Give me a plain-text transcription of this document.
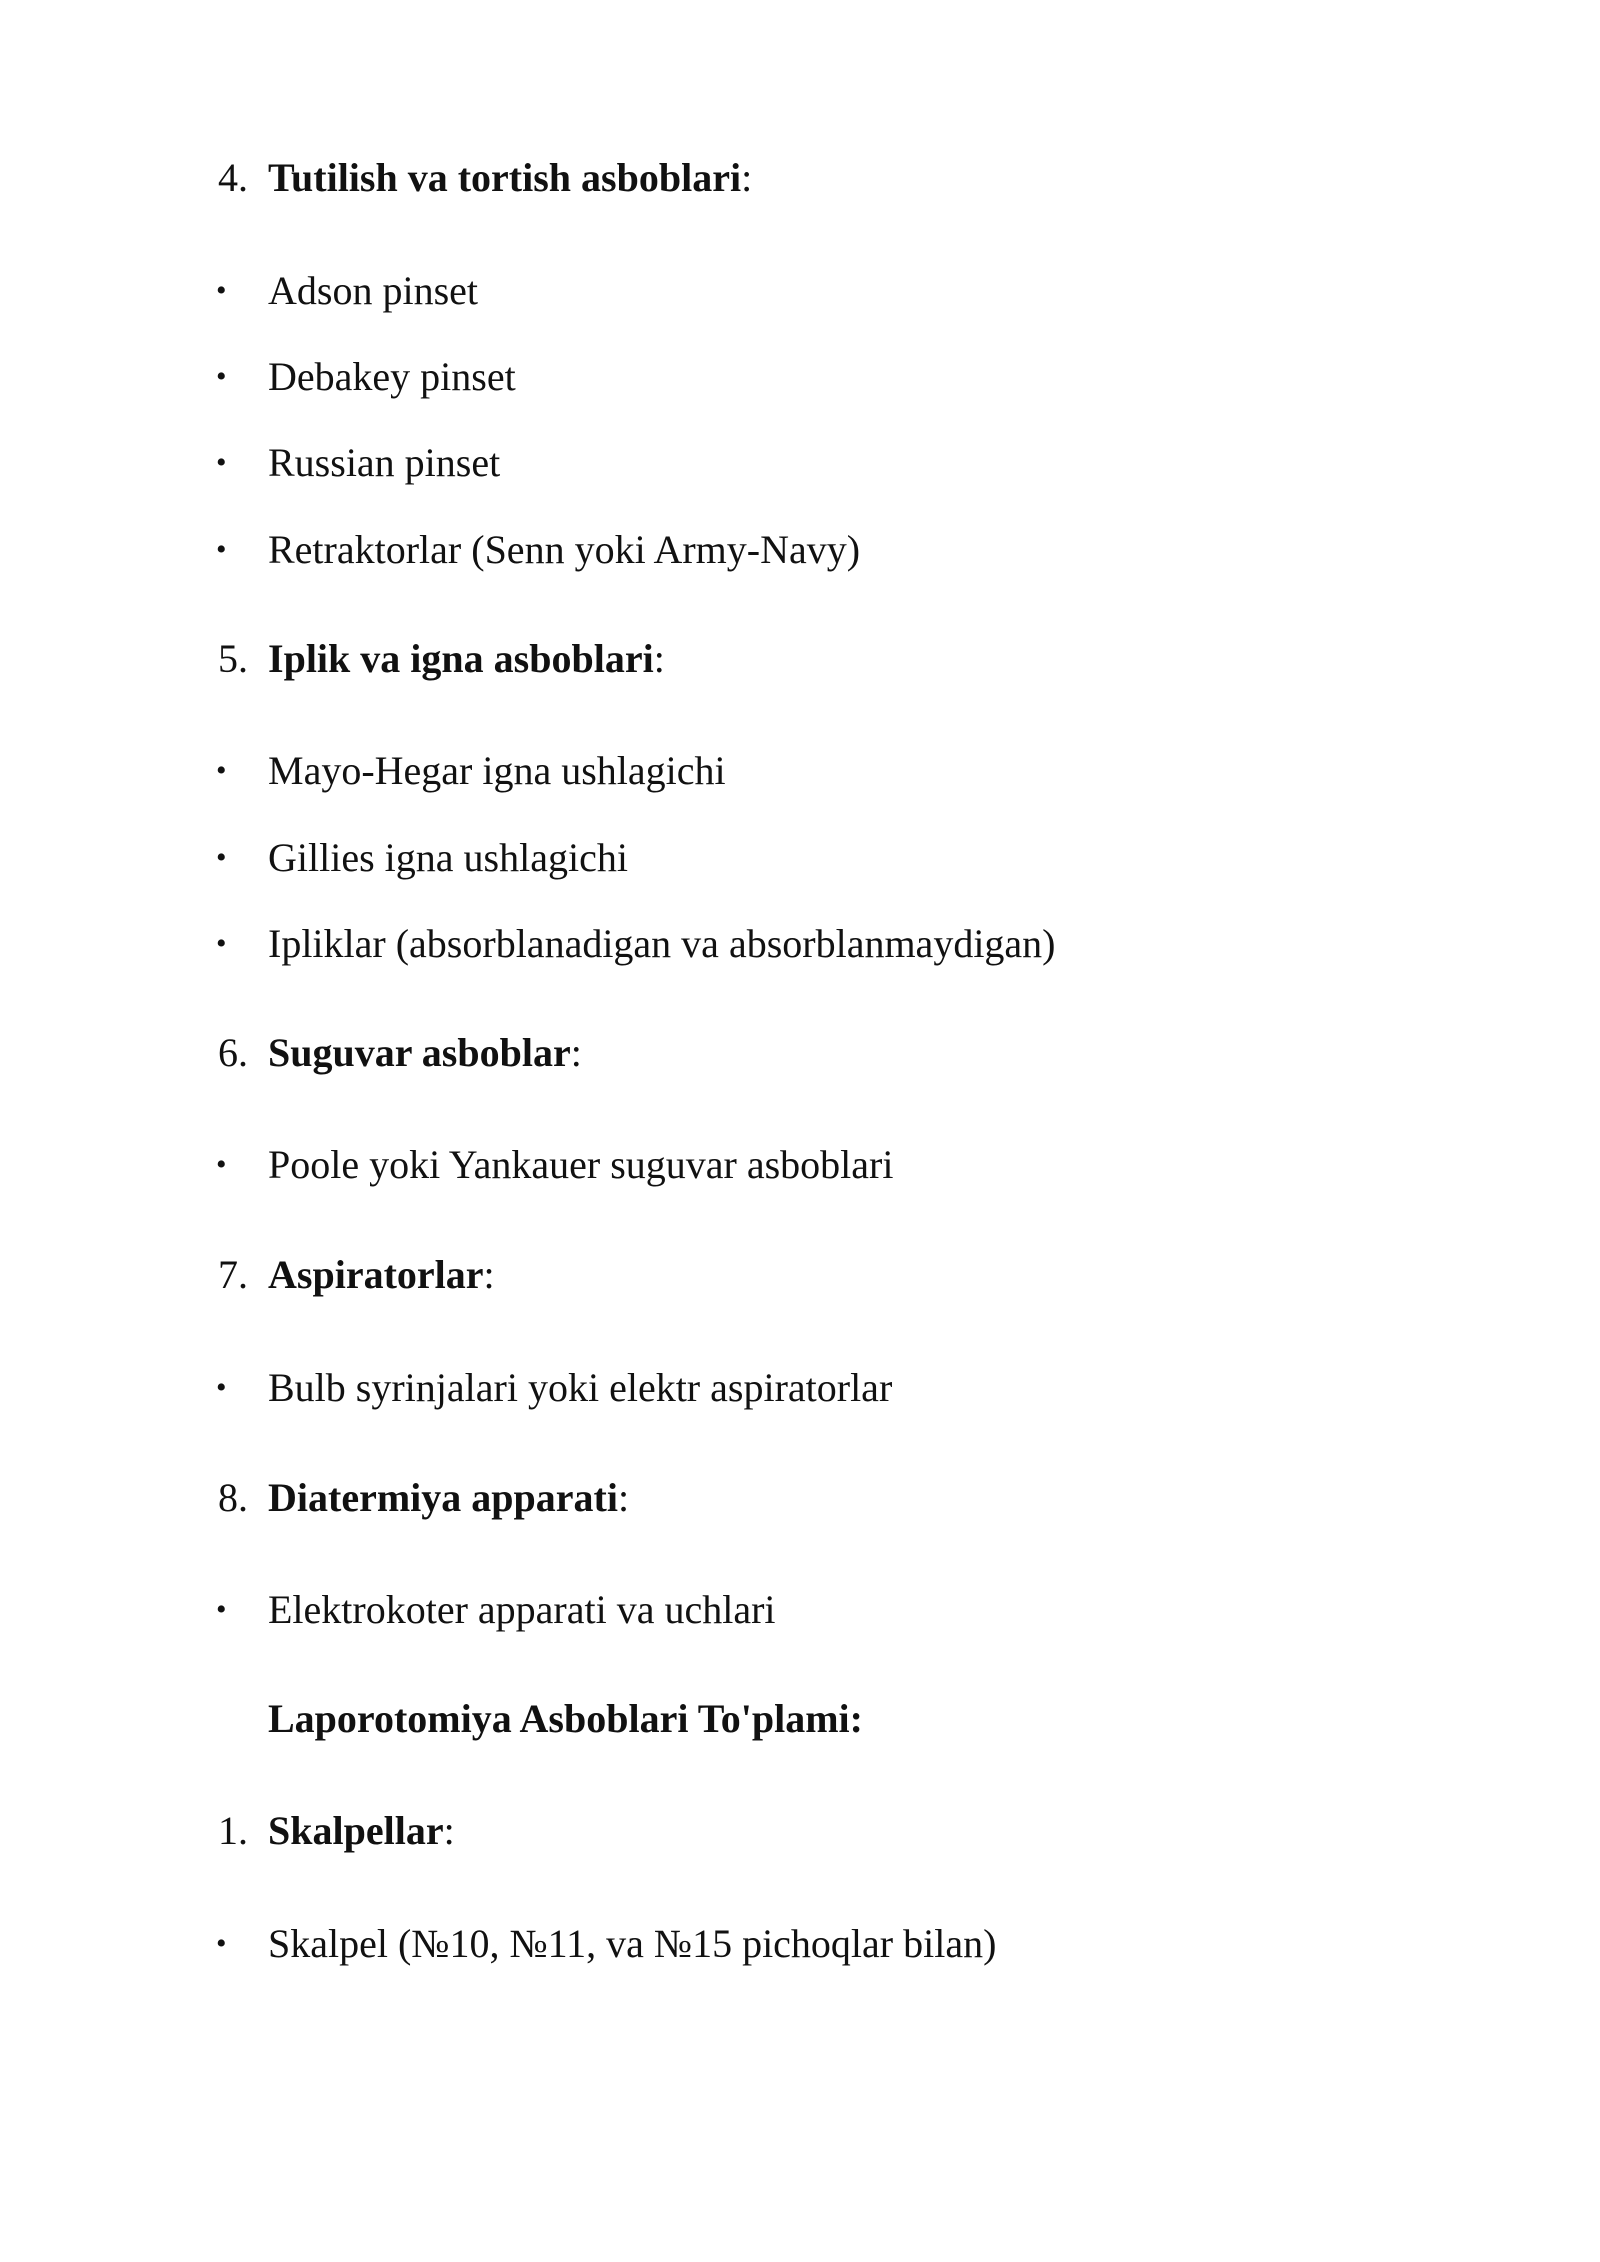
4. Tutilish va tortish asboblari:
• Adson pinset
• Debakey pinset
• Russian pinset
• Retraktorlar (Senn yoki Army-Navy)
5. Iplik va igna asboblari:
• Mayo-Hegar igna ushlagichi
• Gillies igna ushlagichi
• Ipliklar (absorblanadigan va absorblanmaydigan)
6. Suguvar asboblar:
• Poole yoki Yankauer suguvar asboblari
7. Aspiratorlar:
• Bulb syrinjalari yoki elektr aspiratorlar
8. Diatermiya apparati:
• Elektrokoter apparati va uchlari
Laporotomiya Asboblari To'plami:
1. Skalpellar:
• Skalpel (№10, №11, va №15 pichoqlar bilan)
